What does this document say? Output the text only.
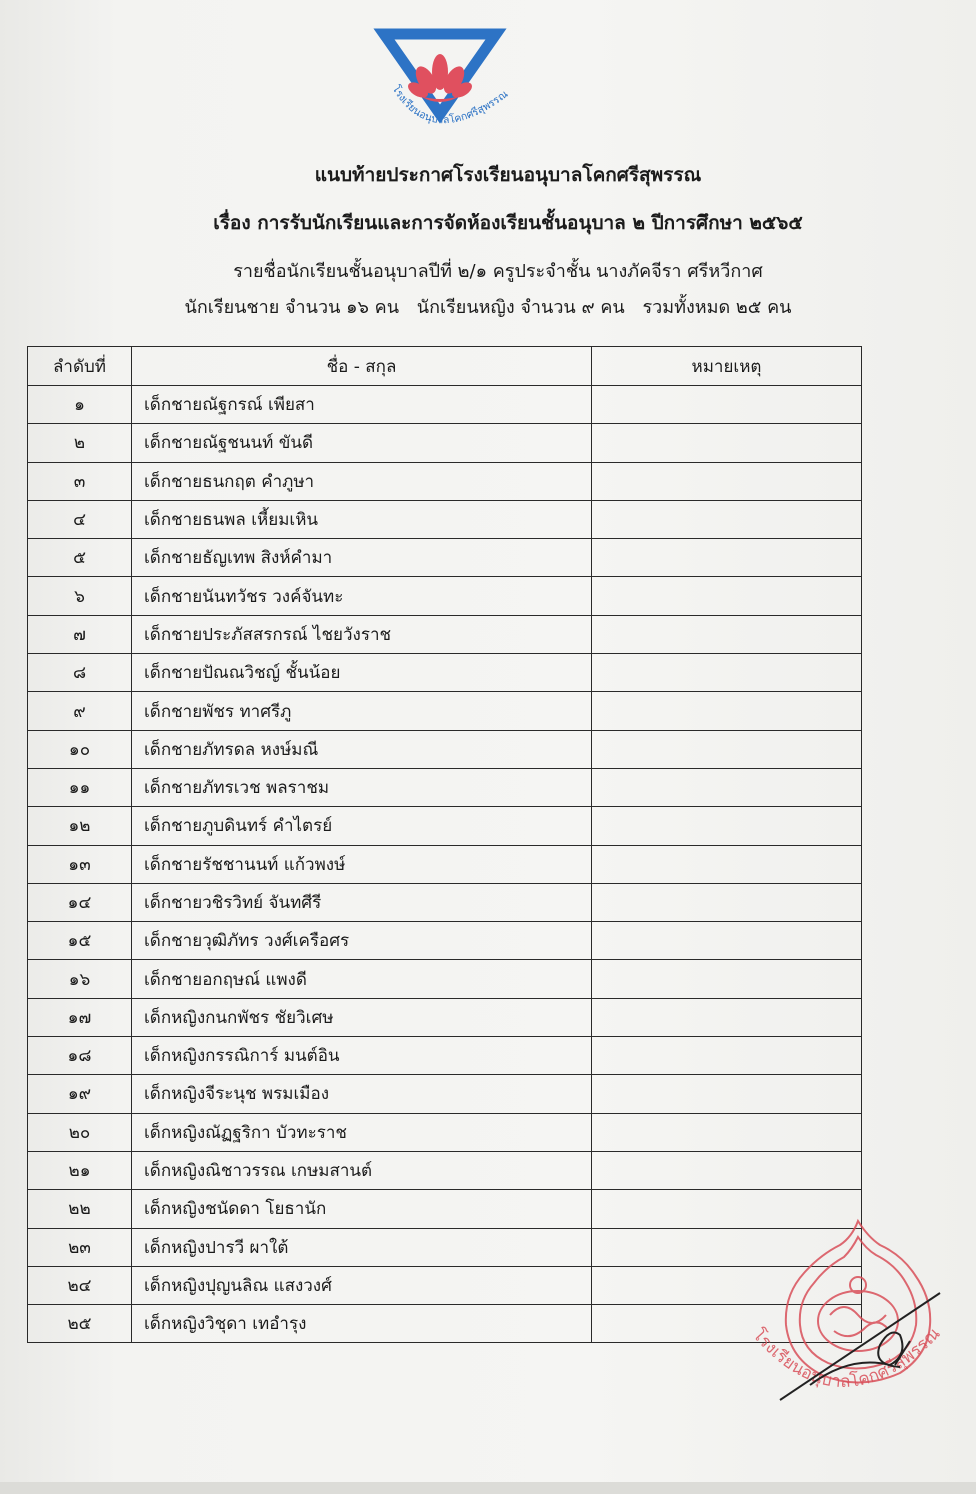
โรงเรียนอนุบาลโคกศรีสุพรรณ
แนบท้ายประกาศโรงเรียนอนุบาลโคกศรีสุพรรณ
เรื่อง การรับนักเรียนและการจัดห้องเรียนชั้นอนุบาล ๒ ปีการศึกษา ๒๕๖๕
รายชื่อนักเรียนชั้นอนุบาลปีที่ ๒/๑ ครูประจำชั้น นางภัคจีรา ศรีหวีกาศ
นักเรียนชาย จำนวน ๑๖ คน นักเรียนหญิง จำนวน ๙ คน รวมทั้งหมด ๒๕ คน
ลำดับที่	ชื่อ - สกุล	หมายเหตุ
๑	เด็กชายณัฐกรณ์ เพียสา
๒	เด็กชายณัฐชนนท์ ขันดี
๓	เด็กชายธนกฤต คำภูษา
๔	เด็กชายธนพล เหี้ยมเหิน
๕	เด็กชายธัญเทพ สิงห์คำมา
๖	เด็กชายนันทวัชร วงค์จันทะ
๗	เด็กชายประภัสสรกรณ์ ไชยวังราช
๘	เด็กชายปัณณวิชญ์ ชั้นน้อย
๙	เด็กชายพัชร ทาศรีภู
๑๐	เด็กชายภัทรดล หงษ์มณี
๑๑	เด็กชายภัทรเวช พลราชม
๑๒	เด็กชายภูบดินทร์ คำไตรย์
๑๓	เด็กชายรัชชานนท์ แก้วพงษ์
๑๔	เด็กชายวชิรวิทย์ จันทศีรี
๑๕	เด็กชายวุฒิภัทร วงศ์เครือศร
๑๖	เด็กชายอกฤษณ์ แพงดี
๑๗	เด็กหญิงกนกพัชร ชัยวิเศษ
๑๘	เด็กหญิงกรรณิการ์ มนต์อิน
๑๙	เด็กหญิงจีระนุช พรมเมือง
๒๐	เด็กหญิงณัฏฐริกา บัวทะราช
๒๑	เด็กหญิงณิชาวรรณ เกษมสานต์
๒๒	เด็กหญิงชนัดดา โยธานัก
๒๓	เด็กหญิงปารวี ผาใต้
๒๔	เด็กหญิงปุญนลิณ แสงวงศ์
๒๕	เด็กหญิงวิชุดา เทอำรุง
โรงเรียนอนุบาลโคกศรีสุพรรณ
